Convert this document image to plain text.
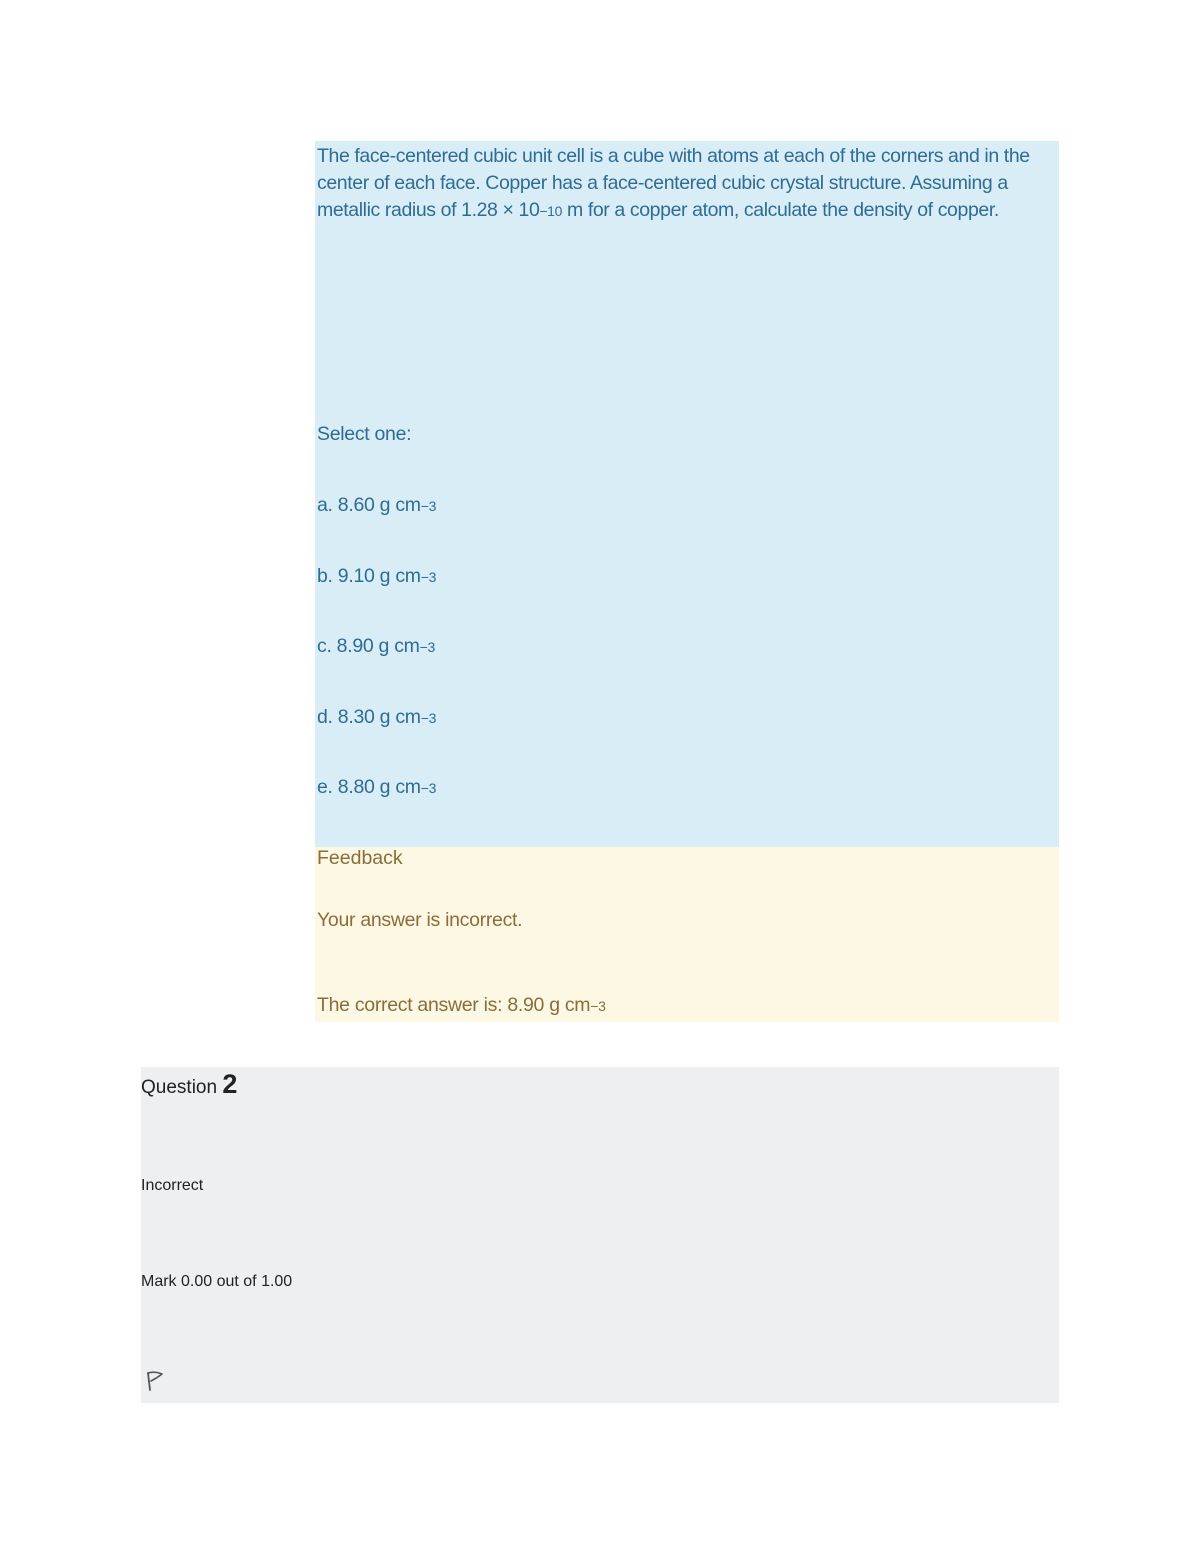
The face-centered cubic unit cell is a cube with atoms at each of the corners and in the center of each face. Copper has a face-centered cubic crystal structure. Assuming a metallic radius of 1.28 × 10−10 m for a copper atom, calculate the density of copper.
Select one:
a. 8.60 g cm−3
b. 9.10 g cm−3
c. 8.90 g cm−3
d. 8.30 g cm−3
e. 8.80 g cm−3
Feedback
Your answer is incorrect.
The correct answer is: 8.90 g cm−3
Question 2
Incorrect
Mark 0.00 out of 1.00
